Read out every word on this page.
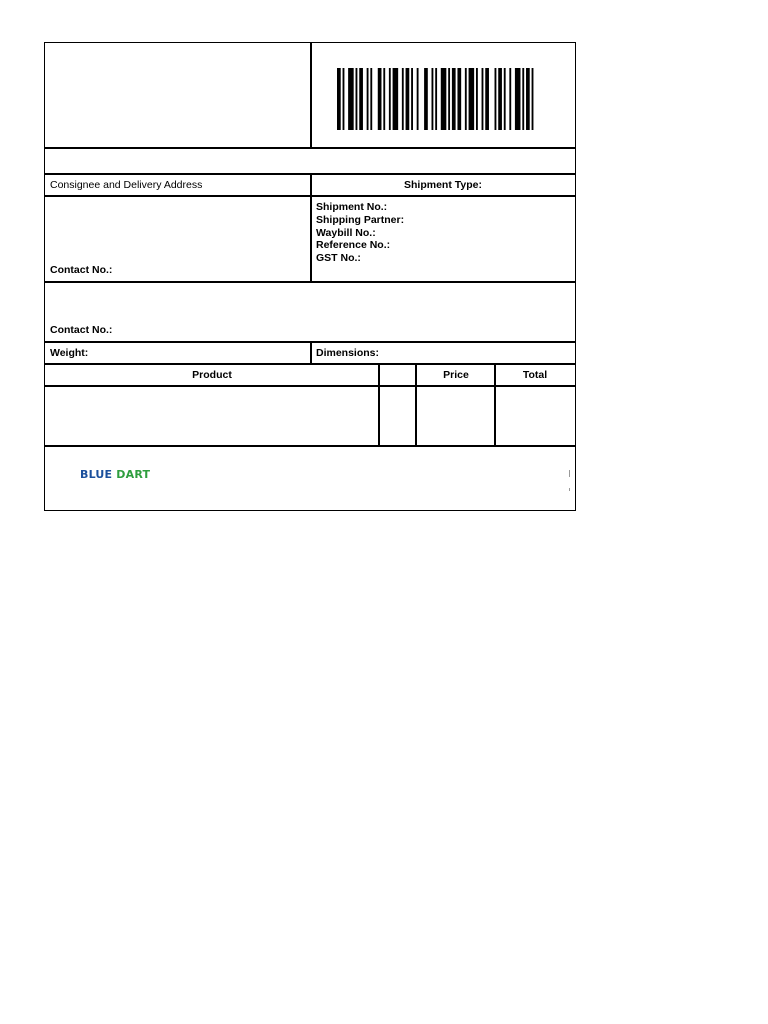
Consignee and Delivery Address	Shipment Type:
Contact No.:
Shipment No.:
Shipping Partner:
Waybill No.:
Reference No.:
GST No.:
Contact No.:
Weight:	Dimensions:
Product	Price	Total
BLUE DART
